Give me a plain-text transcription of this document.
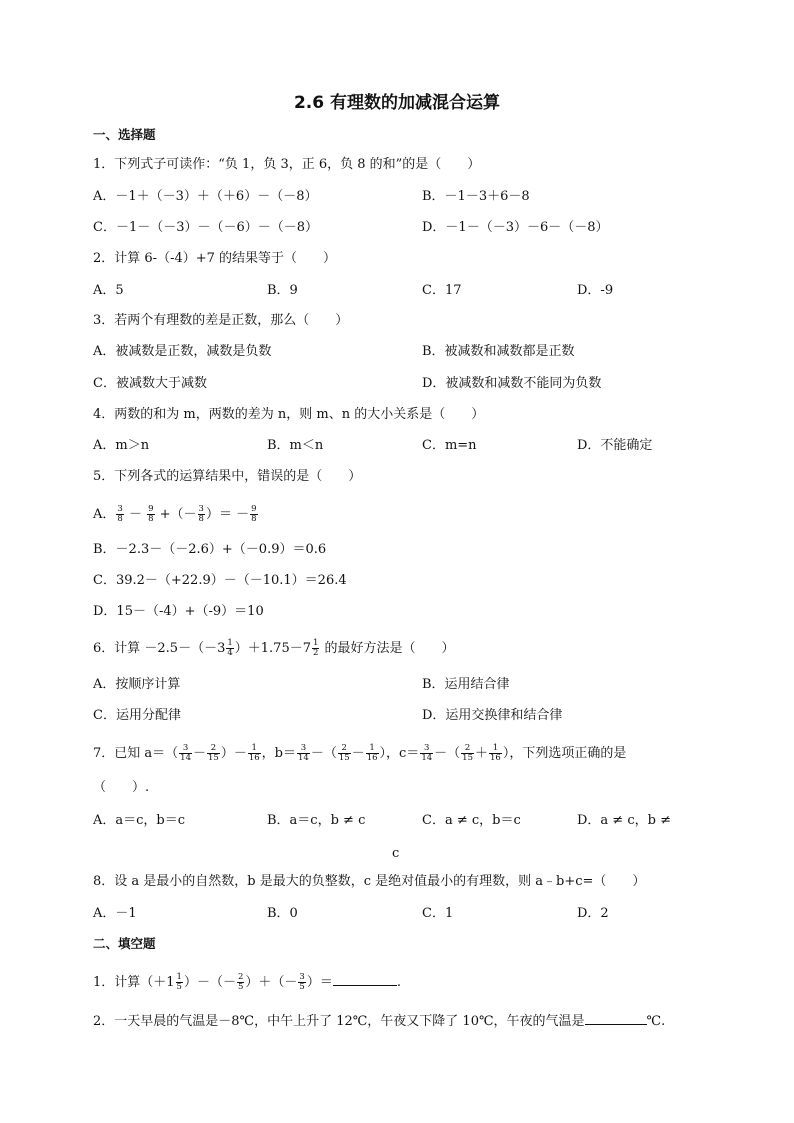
2.6 有理数的加减混合运算
一、选择题
1．下列式子可读作：“负 1，负 3，正 6，负 8 的和”的是（　　）
A．－1＋（－3）＋（＋6）－（－8）	B．－1－3＋6－8
C．－1－（－3）－（－6）－（－8）	D．－1－（－3）－6－（－8）
2．计算 6-（-4）+7 的结果等于（　　）
A．5	B．9	C．17	D．-9
3．若两个有理数的差是正数，那么（　　）
A．被减数是正数，减数是负数	B．被减数和减数都是正数
C．被减数大于减数	D．被减数和减数不能同为负数
4．两数的和为 m，两数的差为 n，则 m、n 的大小关系是（　　）
A．m＞n	B．m＜n	C．m=n	D．不能确定
5．下列各式的运算结果中，错误的是（　　）
A． $\frac{3}{8} - \frac{9}{8}$ +（－ $\frac{3}{8}$ ）＝ － $\frac{9}{8}$
B．－2.3－（－2.6）+（－0.9）＝0.6
C．39.2－（+22.9）－（－10.1）＝26.4
D．15－（-4）+（-9）＝10
6．计算 $-2.5-(-3 \frac{1}{4} )+1.75-7 \frac{1}{2}$ 的最好方法是（　　）
A．按顺序计算	B．运用结合律
C．运用分配律	D．运用交换律和结合律
7．已知 $a=( \frac{3}{14} - \frac{2}{15}$ ）－ $\frac{1}{16}$ ，$b= \frac{3}{14}$ －（ $\frac{2}{15} - \frac{1}{16}$ ），$c= \frac{3}{14}$ －（ $\frac{2}{15} + \frac{1}{16}$ ），下列选项正确的是
（　　）.
A．a＝c，b＝c	B．a＝c，b ≠ c	C．a ≠ c，b＝c	D．a ≠ c，b ≠
c
8．设 a 是最小的自然数，b 是最大的负整数，c 是绝对值最小的有理数，则 a﹣b+c=（　　）
A．－1	B．0	C．1	D．2
二、填空题
1．计算（$+1 \frac{1}{5}$ ）－（－ $\frac{2}{5}$ ）＋（－ $\frac{3}{5}$ ）＝	.
2．一天早晨的气温是－8℃，中午上升了 12℃，午夜又下降了 10℃，午夜的气温是	℃.
